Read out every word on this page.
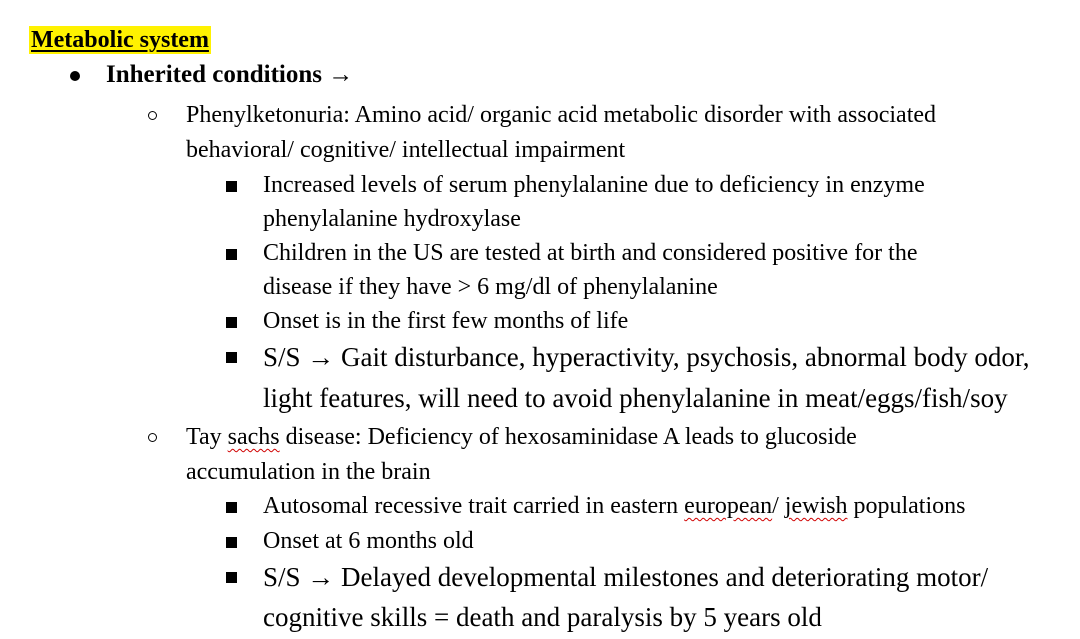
Metabolic system
Inherited conditions →
Phenylketonuria: Amino acid/ organic acid metabolic disorder with associated
behavioral/ cognitive/ intellectual impairment
Increased levels of serum phenylalanine due to deficiency in enzyme
phenylalanine hydroxylase
Children in the US are tested at birth and considered positive for the
disease if they have > 6 mg/dl of phenylalanine
Onset is in the first few months of life
S/S → Gait disturbance, hyperactivity, psychosis, abnormal body odor,
light features, will need to avoid phenylalanine in meat/eggs/fish/soy
Tay sachs disease: Deficiency of hexosaminidase A leads to glucoside
accumulation in the brain
Autosomal recessive trait carried in eastern european/ jewish populations
Onset at 6 months old
S/S → Delayed developmental milestones and deteriorating motor/
cognitive skills = death and paralysis by 5 years old
